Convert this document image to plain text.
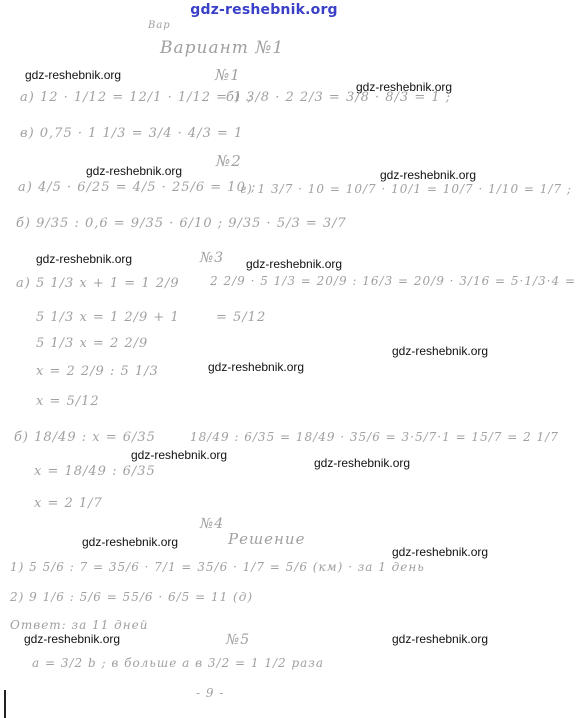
gdz-reshebnik.org
gdz-reshebnik.org
gdz-reshebnik.org
gdz-reshebnik.org	gdz-reshebnik.org
gdz-reshebnik.org	gdz-reshebnik.org
gdz-reshebnik.org
gdz-reshebnik.org
gdz-reshebnik.org
gdz-reshebnik.org
gdz-reshebnik.org
gdz-reshebnik.org
gdz-reshebnik.org	gdz-reshebnik.org
Вар
Вариант №1
№1
а) 12 · 1/12 = 12/1 · 1/12 = 1 ;
б) 3/8 · 2 2/3 = 3/8 · 8/3 = 1 ;
в) 0,75 · 1 1/3 = 3/4 · 4/3 = 1
№2
а) 4/5 · 6/25 = 4/5 · 25/6 = 10 ;
г) 1 3/7 · 10 = 10/7 · 10/1 = 10/7 · 1/10 = 1/7 ;
б) 9/35 : 0,6 = 9/35 · 6/10 ; 9/35 · 5/3 = 3/7
№3
а) 5 1/3 x + 1 = 1 2/9	2 2/9 · 5 1/3 = 20/9 : 16/3 = 20/9 · 3/16 = 5·1/3·4 =
5 1/3 x = 1 2/9 + 1	= 5/12
5 1/3 x = 2 2/9
x = 2 2/9 : 5 1/3
x = 5/12
б) 18/49 : x = 6/35	18/49 : 6/35 = 18/49 · 35/6 = 3·5/7·1 = 15/7 = 2 1/7
x = 18/49 : 6/35
x = 2 1/7
№4
Решение
1) 5 5/6 : 7 = 35/6 · 7/1 = 35/6 · 1/7 = 5/6 (км) · за 1 день
2) 9 1/6 : 5/6 = 55/6 · 6/5 = 11 (д)
Ответ: за 11 дней
№5
а = 3/2 b ; в больше а в 3/2 = 1 1/2 раза
- 9 -
